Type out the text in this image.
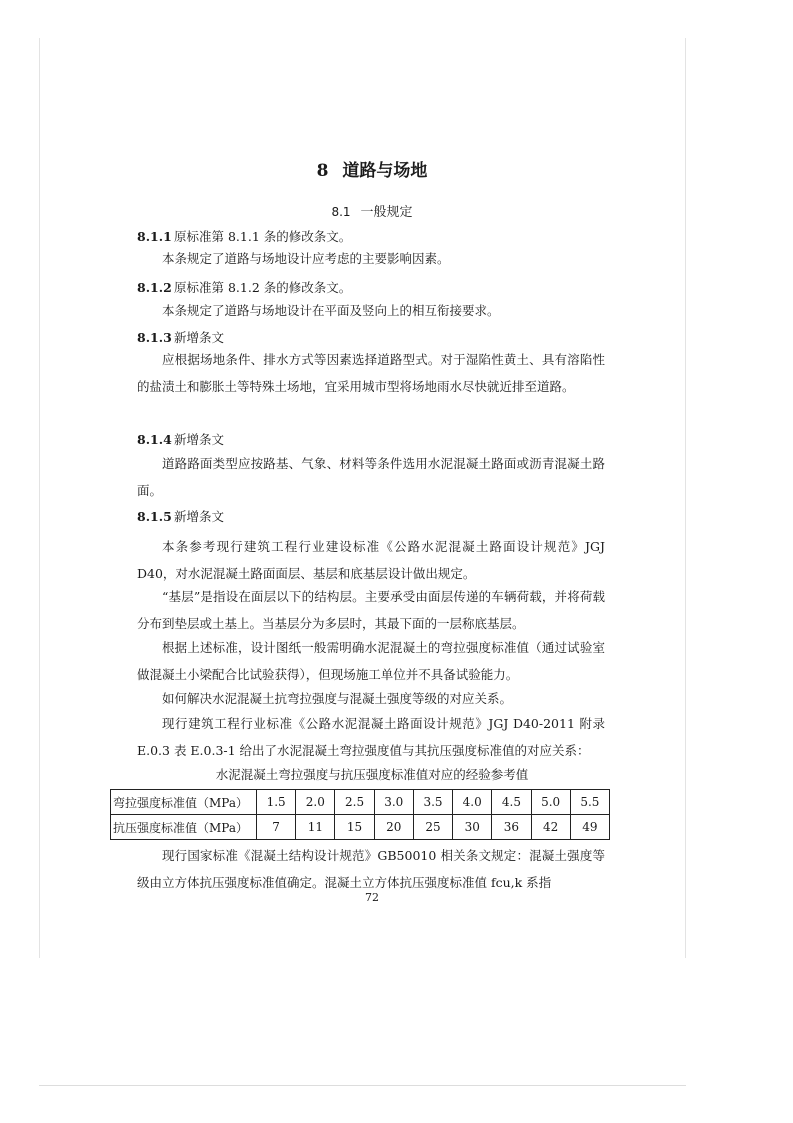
8 道路与场地
8.1 一般规定
8.1.1 原标准第 8.1.1 条的修改条文。

本条规定了道路与场地设计应考虑的主要影响因素。

8.1.2 原标准第 8.1.2 条的修改条文。

本条规定了道路与场地设计在平面及竖向上的相互衔接要求。

8.1.3 新增条文

应根据场地条件、排水方式等因素选择道路型式。对于湿陷性黄土、具有溶陷性的盐渍土和膨胀土等特殊土场地，宜采用城市型将场地雨水尽快就近排至道路。

8.1.4 新增条文

道路路面类型应按路基、气象、材料等条件选用水泥混凝土路面或沥青混凝土路面。

8.1.5 新增条文

本条参考现行建筑工程行业建设标准《公路水泥混凝土路面设计规范》JGJ D40，对水泥混凝土路面面层、基层和底基层设计做出规定。

“基层”是指设在面层以下的结构层。主要承受由面层传递的车辆荷载，并将荷载分布到垫层或土基上。当基层分为多层时，其最下面的一层称底基层。

根据上述标准，设计图纸一般需明确水泥混凝土的弯拉强度标准值（通过试验室做混凝土小梁配合比试验获得），但现场施工单位并不具备试验能力。

如何解决水泥混凝土抗弯拉强度与混凝土强度等级的对应关系。

现行建筑工程行业标准《公路水泥混凝土路面设计规范》JGJ D40-2011 附录 E.0.3 表 E.0.3-1 给出了水泥混凝土弯拉强度值与其抗压强度标准值的对应关系：

水泥混凝土弯拉强度与抗压强度标准值对应的经验参考值

现行国家标准《混凝土结构设计规范》GB50010 相关条文规定：混凝土强度等级由立方体抗压强度标准值确定。混凝土立方体抗压强度标准值 fcu,k 系指

72
弯拉强度标准值（MPa）	1.5	2.0	2.5	3.0	3.5	4.0	4.5	5.0	5.5
抗压强度标准值（MPa）	7	11	15	20	25	30	36	42	49
